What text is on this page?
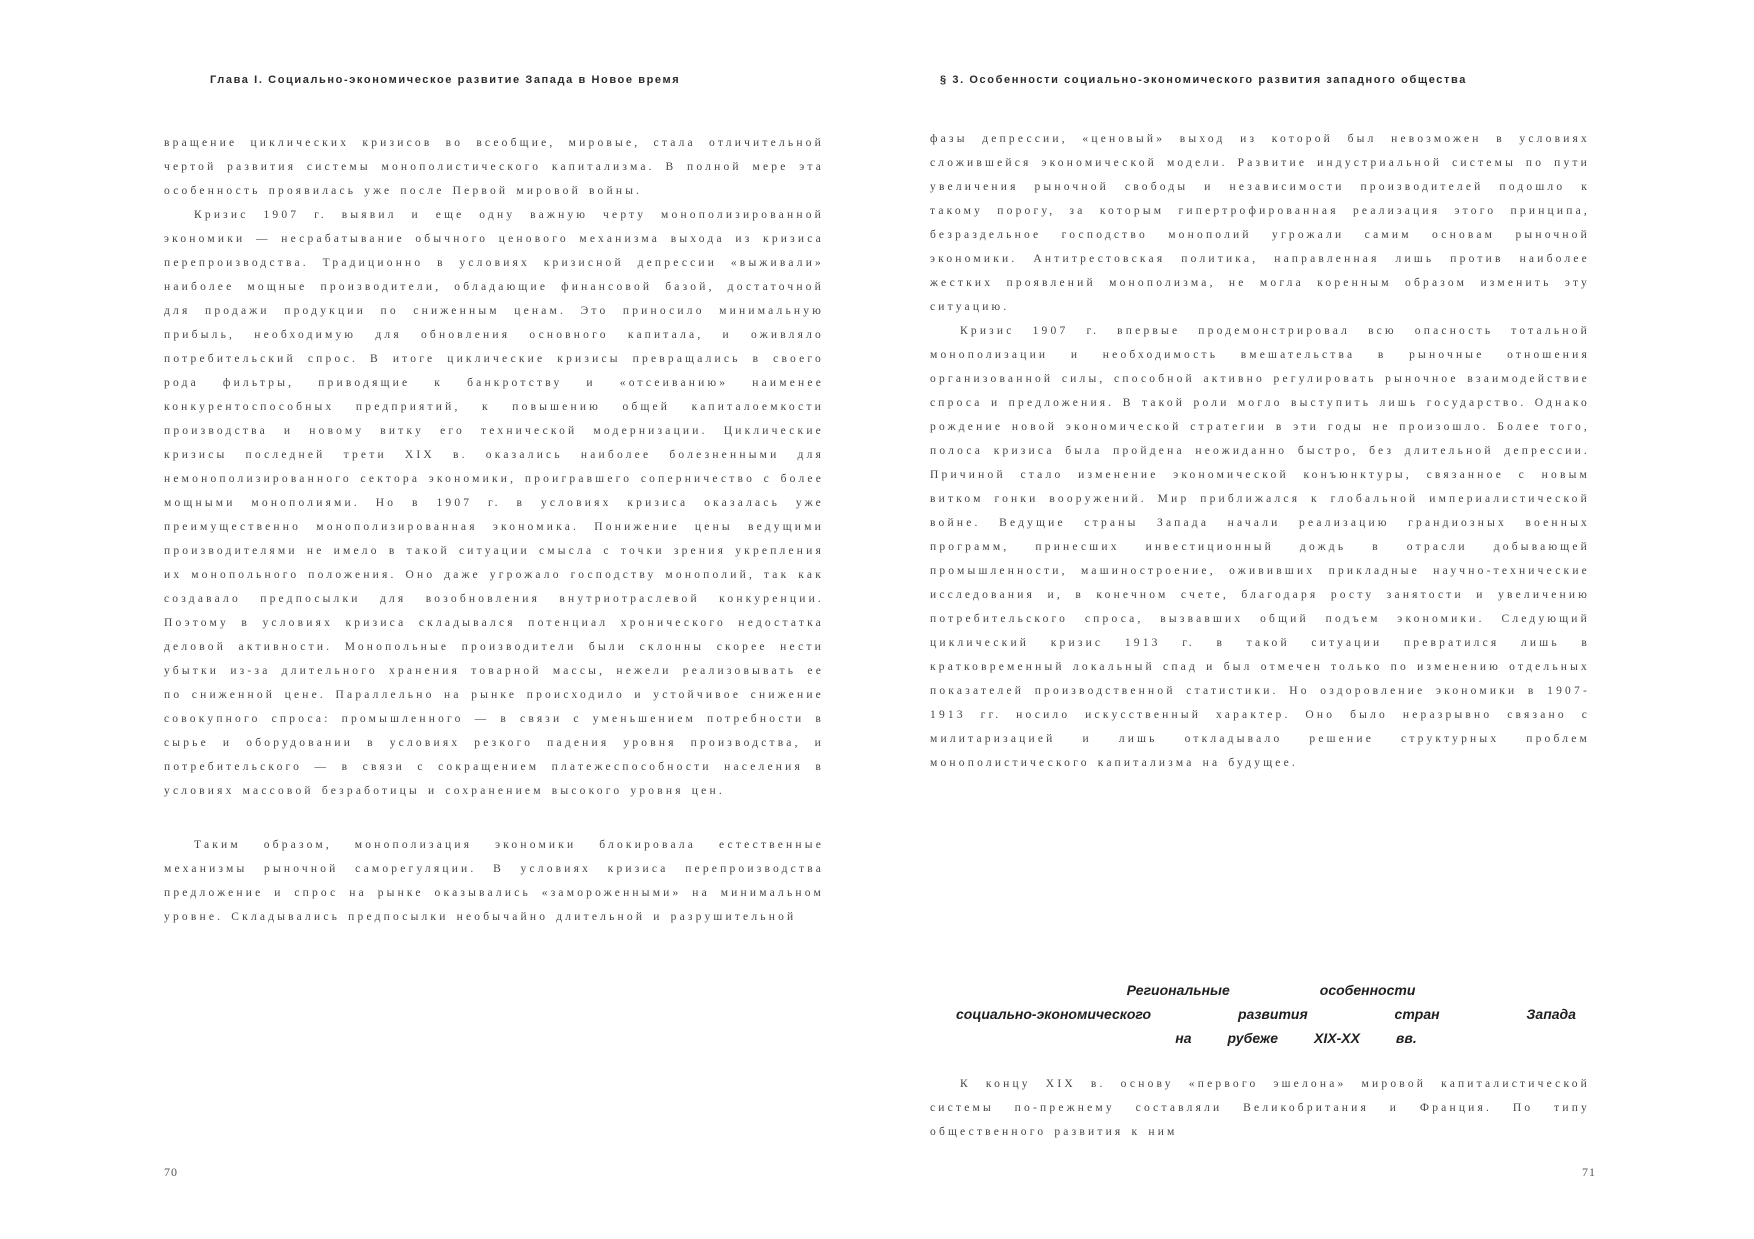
Глава I. Социально-экономическое развитие Запада в Новое время

вращение циклических кризисов во всеобщие, мировые, стала отличительной чертой развития системы монополистического капитализма. В полной мере эта особенность проявилась уже после Первой мировой войны.

Кризис 1907 г. выявил и еще одну важную черту монополизированной экономики — несрабатывание обычного ценового механизма выхода из кризиса перепроизводства. Традиционно в условиях кризисной депрессии «выживали» наиболее мощные производители, обладающие финансовой базой, достаточной для продажи продукции по сниженным ценам. Это приносило минимальную прибыль, необходимую для обновления основного капитала, и оживляло потребительский спрос. В итоге циклические кризисы превращались в своего рода фильтры, приводящие к банкротству и «отсеиванию» наименее конкурентоспособных предприятий, к повышению общей капиталоемкости производства и новому витку его технической модернизации. Циклические кризисы последней трети XIX в. оказались наиболее болезненными для немонополизированного сектора экономики, проигравшего соперничество с более мощными монополиями. Но в 1907 г. в условиях кризиса оказалась уже преимущественно монополизированная экономика. Понижение цены ведущими производителями не имело в такой ситуации смысла с точки зрения укрепления их монопольного положения. Оно даже угрожало господству монополий, так как создавало предпосылки для возобновления внутриотраслевой конкуренции. Поэтому в условиях кризиса складывался потенциал хронического недостатка деловой активности. Монопольные производители были склонны скорее нести убытки из-за длительного хранения товарной массы, нежели реализовывать ее по сниженной цене. Параллельно на рынке происходило и устойчивое снижение совокупного спроса: промышленного — в связи с уменьшением потребности в сырье и оборудовании в условиях резкого падения уровня производства, и потребительского — в связи с сокращением платежеспособности населения в условиях массовой безработицы и сохранением высокого уровня цен.

Таким образом, монополизация экономики блокировала естественные механизмы рыночной саморегуляции. В условиях кризиса перепроизводства предложение и спрос на рынке оказывались «замороженными» на минимальном уровне. Складывались предпосылки необычайно длительной и разрушительной

70
§ 3. Особенности социально-экономического развития западного общества

фазы депрессии, «ценовый» выход из которой был невозможен в условиях сложившейся экономической модели. Развитие индустриальной системы по пути увеличения рыночной свободы и независимости производителей подошло к такому порогу, за которым гипертрофированная реализация этого принципа, безраздельное господство монополий угрожали самим основам рыночной экономики. Антитрестовская политика, направленная лишь против наиболее жестких проявлений монополизма, не могла коренным образом изменить эту ситуацию.

Кризис 1907 г. впервые продемонстрировал всю опасность тотальной монополизации и необходимость вмешательства в рыночные отношения организованной силы, способной активно регулировать рыночное взаимодействие спроса и предложения. В такой роли могло выступить лишь государство. Однако рождение новой экономической стратегии в эти годы не произошло. Более того, полоса кризиса была пройдена неожиданно быстро, без длительной депрессии. Причиной стало изменение экономической конъюнктуры, связанное с новым витком гонки вооружений. Мир приближался к глобальной империалистической войне. Ведущие страны Запада начали реализацию грандиозных военных программ, принесших инвестиционный дождь в отрасли добывающей промышленности, машиностроение, ожививших прикладные научно-технические исследования и, в конечном счете, благодаря росту занятости и увеличению потребительского спроса, вызвавших общий подъем экономики. Следующий циклический кризис 1913 г. в такой ситуации превратился лишь в кратковременный локальный спад и был отмечен только по изменению отдельных показателей производственной статистики. Но оздоровление экономики в 1907-1913 гг. носило искусственный характер. Оно было неразрывно связано с милитаризацией и лишь откладывало решение структурных проблем монополистического капитализма на будущее.

Региональные	особенности
социально-экономического	развития	стран	Запада
на	рубеже	XIX-XX	вв.

К концу XIX в. основу «первого эшелона» мировой капиталистической системы по-прежнему составляли Великобритания и Франция. По типу общественного развития к ним

71
